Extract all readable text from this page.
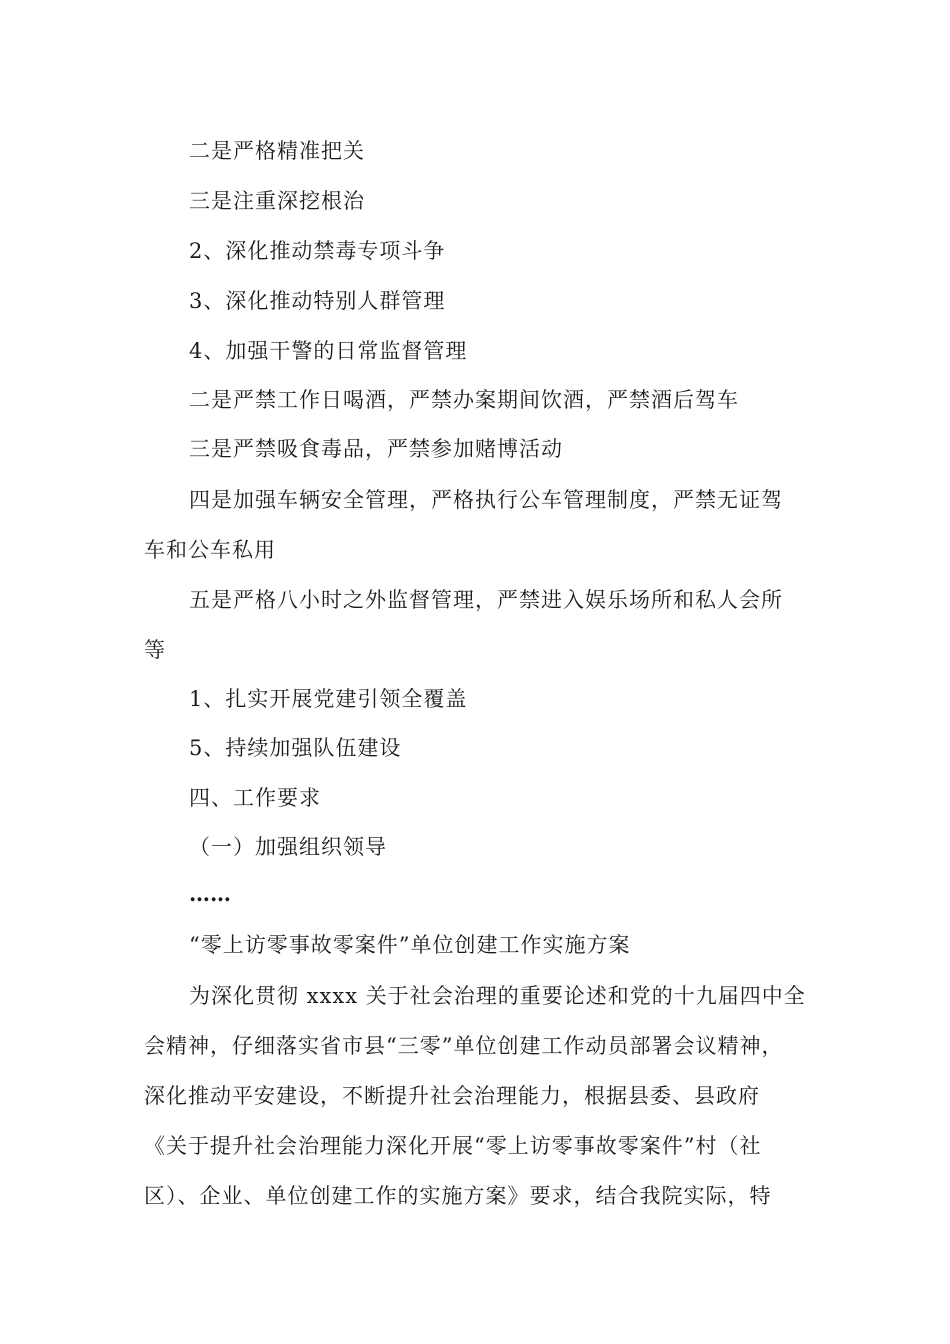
二是严格精准把关

三是注重深挖根治

2、深化推动禁毒专项斗争

3、深化推动特别人群管理

4、加强干警的日常监督管理

二是严禁工作日喝酒，严禁办案期间饮酒，严禁酒后驾车

三是严禁吸食毒品，严禁参加赌博活动

四是加强车辆安全管理，严格执行公车管理制度，严禁无证驾
车和公车私用

五是严格八小时之外监督管理，严禁进入娱乐场所和私人会所
等

1、扎实开展党建引领全覆盖

5、持续加强队伍建设

四、工作要求

（一）加强组织领导

……

“零上访零事故零案件”单位创建工作实施方案

为深化贯彻 xxxx 关于社会治理的重要论述和党的十九届四中全
会精神，仔细落实省市县“三零”单位创建工作动员部署会议精神，
深化推动平安建设，不断提升社会治理能力，根据县委、县政府
《关于提升社会治理能力深化开展“零上访零事故零案件”村（社
区）、企业、单位创建工作的实施方案》要求，结合我院实际，特
